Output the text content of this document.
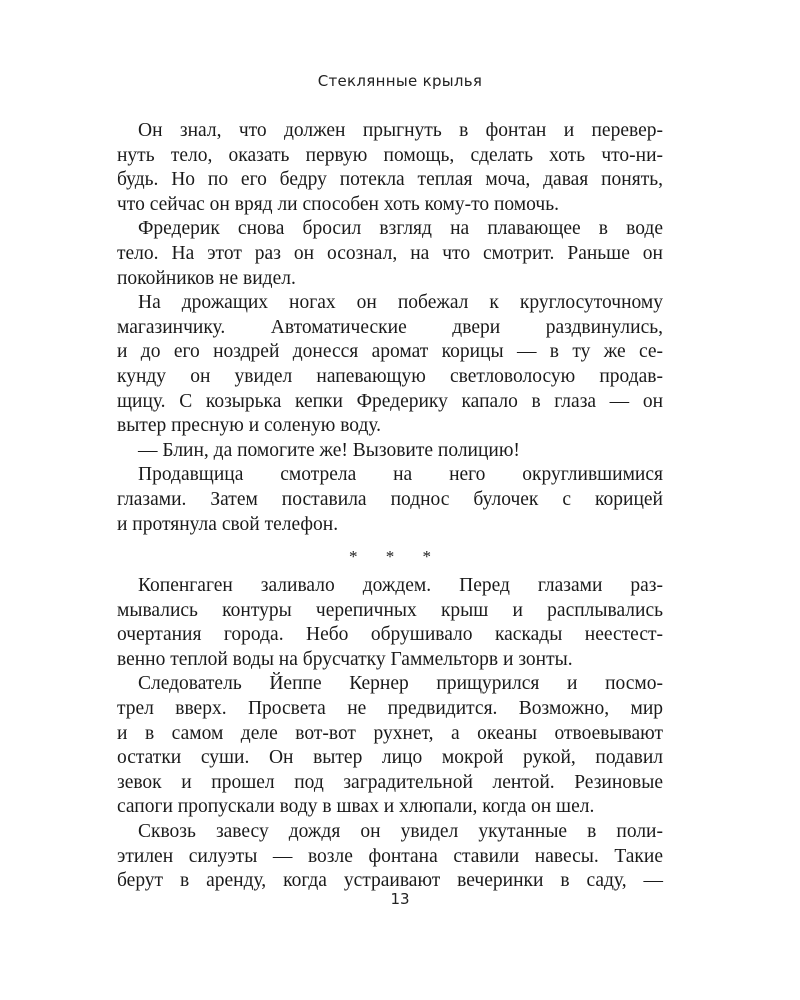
Стеклянные крылья
Он знал, что должен прыгнуть в фонтан и перевер-
нуть тело, оказать первую помощь, сделать хоть что-ни-
будь. Но по его бедру потекла теплая моча, давая понять,
что сейчас он вряд ли способен хоть кому-то помочь.
Фредерик снова бросил взгляд на плавающее в воде
тело. На этот раз он осознал, на что смотрит. Раньше он
покойников не видел.
На дрожащих ногах он побежал к круглосуточному
магазинчику. Автоматические двери раздвинулись,
и до его ноздрей донесся аромат корицы — в ту же се-
кунду он увидел напевающую светловолосую продав-
щицу. С козырька кепки Фредерику капало в глаза — он
вытер пресную и соленую воду.
— Блин, да помогите же! Вызовите полицию!
Продавщица смотрела на него округлившимися
глазами. Затем поставила поднос булочек с корицей
и протянула свой телефон.
* * *
Копенгаген заливало дождем. Перед глазами раз-
мывались контуры черепичных крыш и расплывались
очертания города. Небо обрушивало каскады неестест-
венно теплой воды на брусчатку Гаммельторв и зонты.
Следователь Йеппе Кернер прищурился и посмо-
трел вверх. Просвета не предвидится. Возможно, мир
и в самом деле вот-вот рухнет, а океаны отвоевывают
остатки суши. Он вытер лицо мокрой рукой, подавил
зевок и прошел под заградительной лентой. Резиновые
сапоги пропускали воду в швах и хлюпали, когда он шел.
Сквозь завесу дождя он увидел укутанные в поли-
этилен силуэты — возле фонтана ставили навесы. Такие
берут в аренду, когда устраивают вечеринки в саду, —
13
